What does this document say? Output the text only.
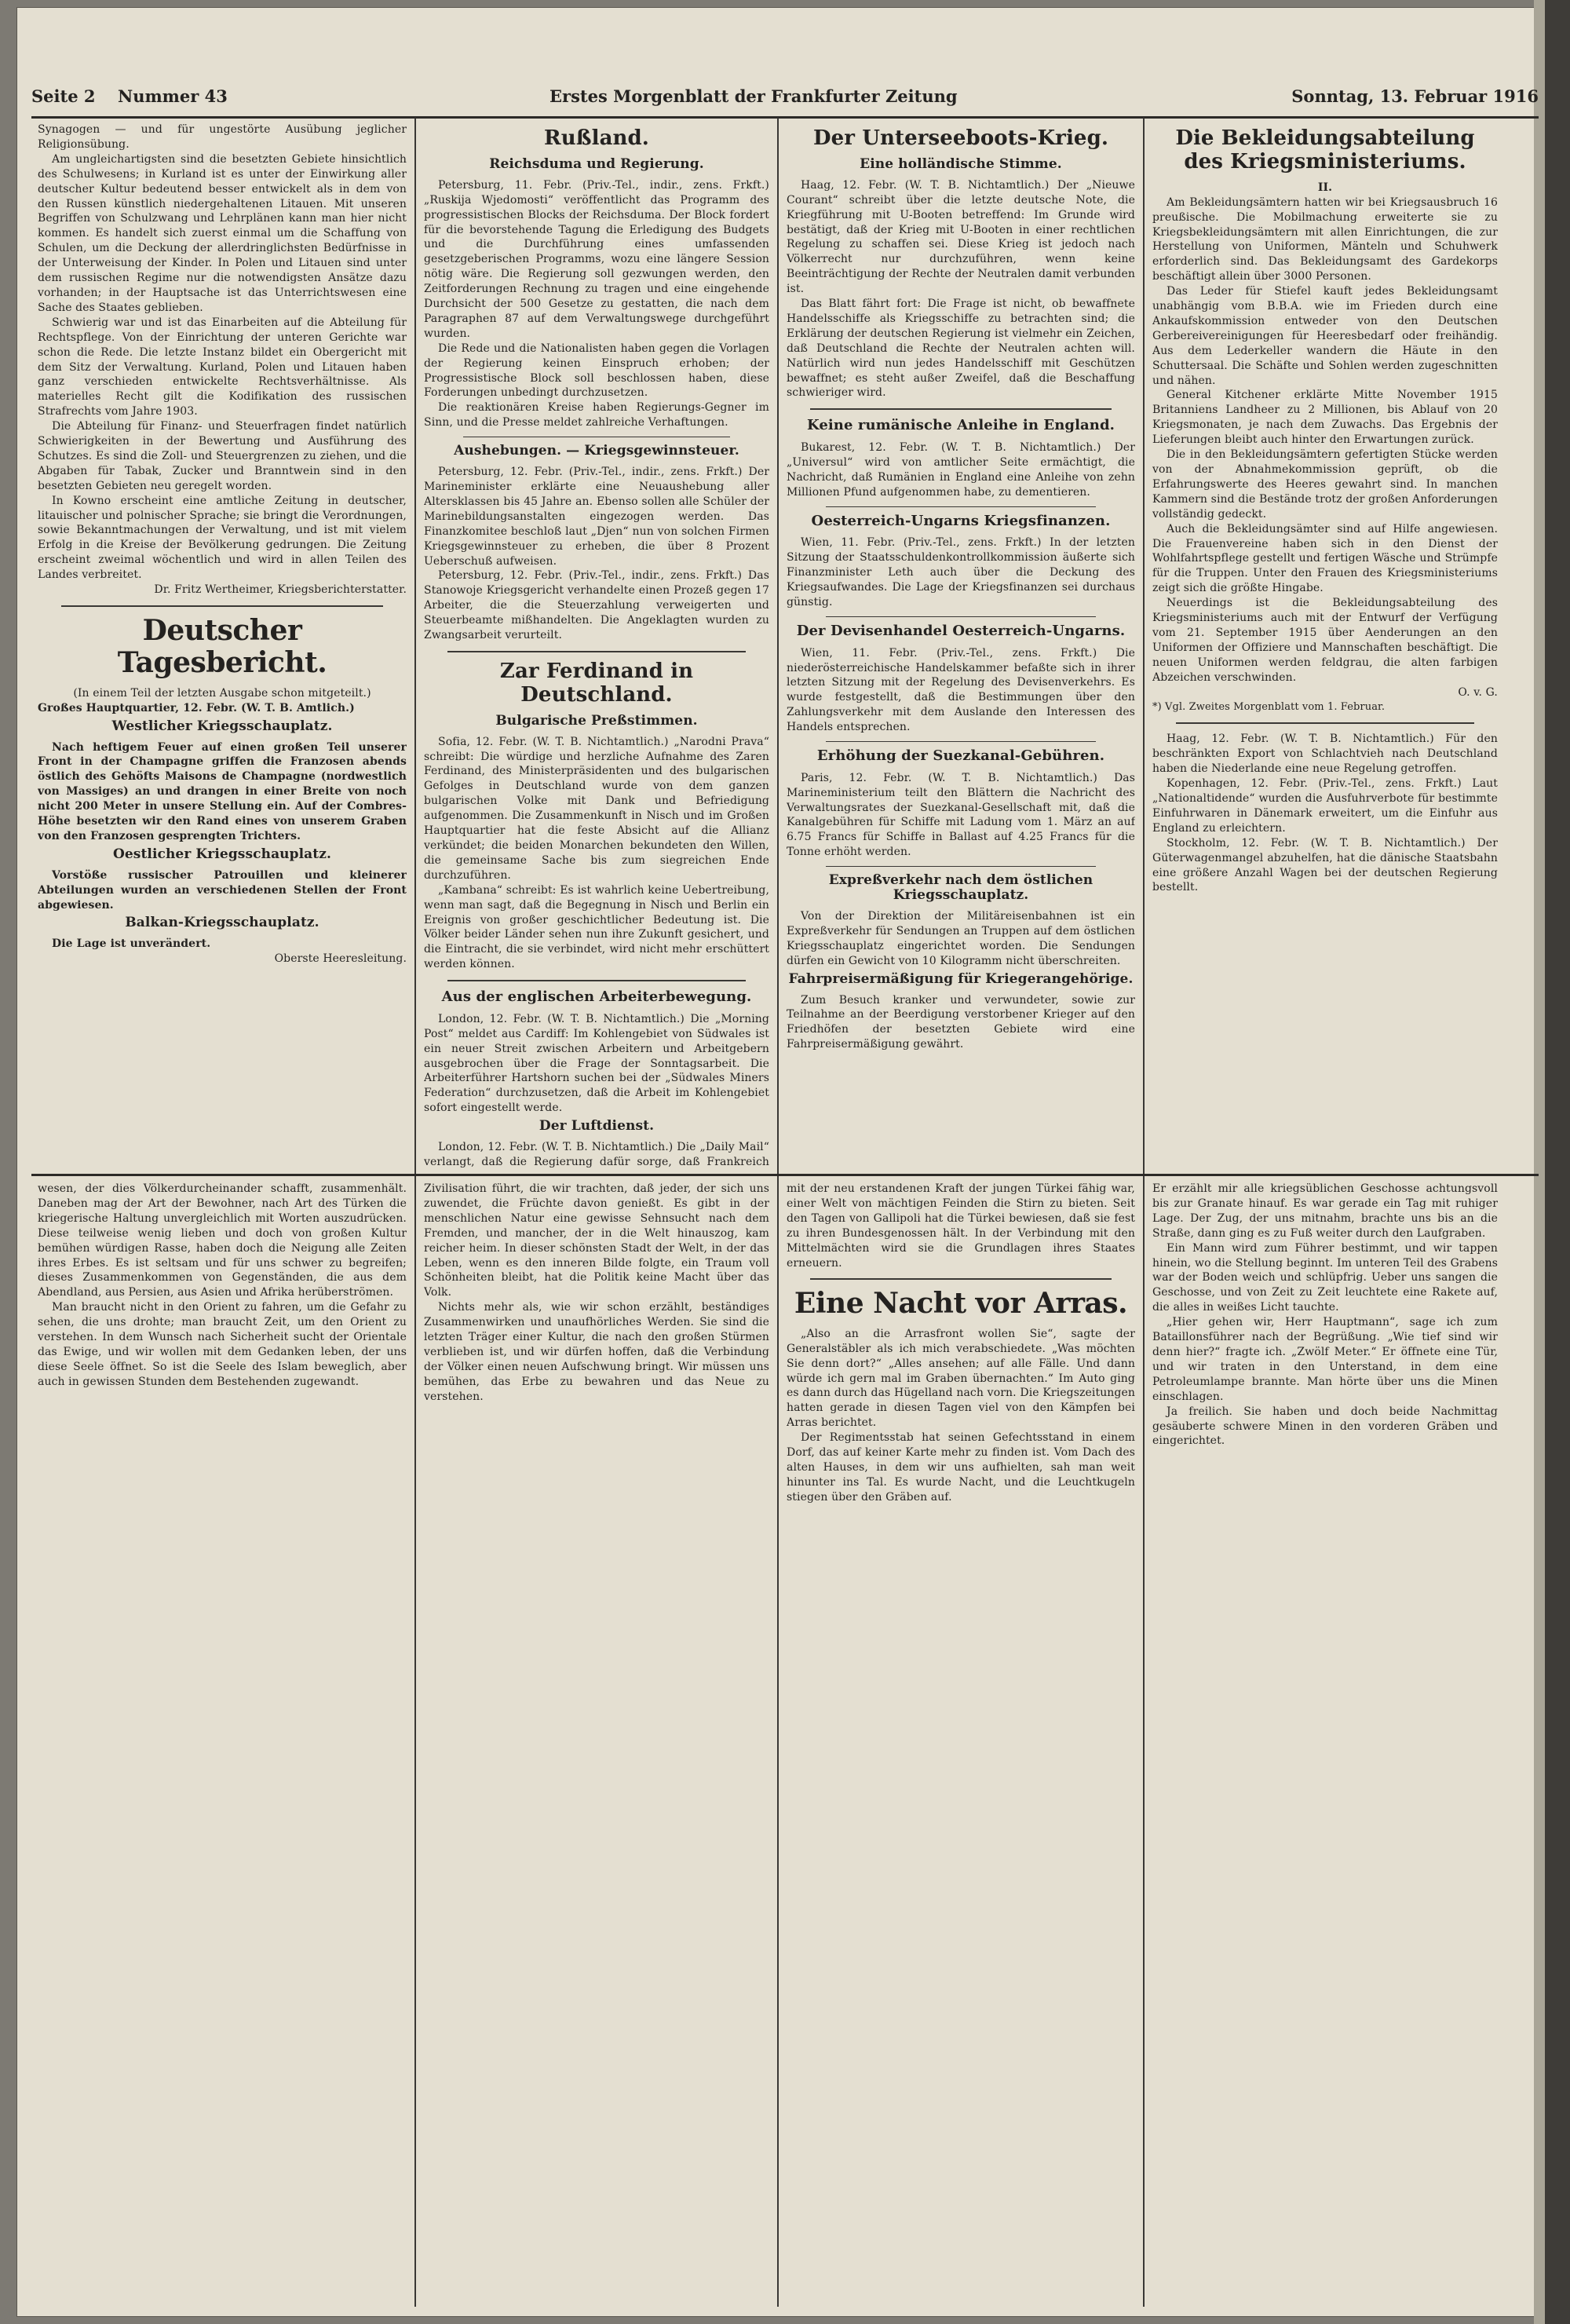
Seite 2 Nummer 43	Erstes Morgenblatt der Frankfurter Zeitung	Sonntag, 13. Februar 1916

Synagogen — und für ungestörte Ausübung jeglicher Religionsübung.

Am ungleichartigsten sind die besetzten Gebiete hinsichtlich des Schulwesens; in Kurland ist es unter der Einwirkung aller deutscher Kultur bedeutend besser entwickelt als in dem von den Russen künstlich niedergehaltenen Litauen. Mit unseren Begriffen von Schulzwang und Lehrplänen kann man hier nicht kommen. Es handelt sich zuerst einmal um die Schaffung von Schulen, um die Deckung der allerdringlichsten Bedürfnisse in der Unterweisung der Kinder. In Polen und Litauen sind unter dem russischen Regime nur die notwendigsten Ansätze dazu vorhanden; in der Hauptsache ist das Unterrichtswesen eine Sache des Staates geblieben.

Schwierig war und ist das Einarbeiten auf die Abteilung für Rechtspflege. Von der Einrichtung der unteren Gerichte war schon die Rede. Die letzte Instanz bildet ein Obergericht mit dem Sitz der Verwaltung. Kurland, Polen und Litauen haben ganz verschieden entwickelte Rechtsverhältnisse. Als materielles Recht gilt die Kodifikation des russischen Strafrechts vom Jahre 1903.

Die Abteilung für Finanz- und Steuerfragen findet natürlich Schwierigkeiten in der Bewertung und Ausführung des Schutzes. Es sind die Zoll- und Steuergrenzen zu ziehen, und die Abgaben für Tabak, Zucker und Branntwein sind in den besetzten Gebieten neu geregelt worden.

In Kowno erscheint eine amtliche Zeitung in deutscher, litauischer und polnischer Sprache; sie bringt die Verordnungen, sowie Bekanntmachungen der Verwaltung, und ist mit vielem Erfolg in die Kreise der Bevölkerung gedrungen. Die Zeitung erscheint zweimal wöchentlich und wird in allen Teilen des Landes verbreitet.

Dr. Fritz Wertheimer, Kriegsberichterstatter.

Deutscher Tagesbericht.

(In einem Teil der letzten Ausgabe schon mitgeteilt.)

Großes Hauptquartier, 12. Febr. (W. T. B. Amtlich.)

Westlicher Kriegsschauplatz.

Nach heftigem Feuer auf einen großen Teil unserer Front in der Champagne griffen die Franzosen abends östlich des Gehöfts Maisons de Champagne (nordwestlich von Massiges) an und drangen in einer Breite von noch nicht 200 Meter in unsere Stellung ein. Auf der Combres-Höhe besetzten wir den Rand eines von unserem Graben von den Franzosen gesprengten Trichters.

Oestlicher Kriegsschauplatz.

Vorstöße russischer Patrouillen und kleinerer Abteilungen wurden an verschiedenen Stellen der Front abgewiesen.

Balkan-Kriegsschauplatz.

Die Lage ist unverändert.

Oberste Heeresleitung.

Rußland.

Reichsduma und Regierung.

Petersburg, 11. Febr. (Priv.-Tel., indir., zens. Frkft.) „Ruskija Wjedomosti“ veröffentlicht das Programm des progressistischen Blocks der Reichsduma. Der Block fordert für die bevorstehende Tagung die Erledigung des Budgets und die Durchführung eines umfassenden gesetzgeberischen Programms, wozu eine längere Session nötig wäre. Die Regierung soll gezwungen werden, den Zeitforderungen Rechnung zu tragen und eine eingehende Durchsicht der 500 Gesetze zu gestatten, die nach dem Paragraphen 87 auf dem Verwaltungswege durchgeführt wurden.

Die Rede und die Nationalisten haben gegen die Vorlagen der Regierung keinen Einspruch erhoben; der Progressistische Block soll beschlossen haben, diese Forderungen unbedingt durchzusetzen.

Die reaktionären Kreise haben Regierungs-Gegner im Sinn, und die Presse meldet zahlreiche Verhaftungen.

Aushebungen. — Kriegsgewinnsteuer.

Petersburg, 12. Febr. (Priv.-Tel., indir., zens. Frkft.) Der Marineminister erklärte eine Neuaushebung aller Altersklassen bis 45 Jahre an. Ebenso sollen alle Schüler der Marinebildungsanstalten eingezogen werden. Das Finanzkomitee beschloß laut „Djen“ nun von solchen Firmen Kriegsgewinnsteuer zu erheben, die über 8 Prozent Ueberschuß aufweisen.

Petersburg, 12. Febr. (Priv.-Tel., indir., zens. Frkft.) Das Stanowoje Kriegsgericht verhandelte einen Prozeß gegen 17 Arbeiter, die die Steuerzahlung verweigerten und Steuerbeamte mißhandelten. Die Angeklagten wurden zu Zwangsarbeit verurteilt.

Zar Ferdinand in Deutschland.

Bulgarische Preßstimmen.

Sofia, 12. Febr. (W. T. B. Nichtamtlich.) „Narodni Prava“ schreibt: Die würdige und herzliche Aufnahme des Zaren Ferdinand, des Ministerpräsidenten und des bulgarischen Gefolges in Deutschland wurde von dem ganzen bulgarischen Volke mit Dank und Befriedigung aufgenommen. Die Zusammenkunft in Nisch und im Großen Hauptquartier hat die feste Absicht auf die Allianz verkündet; die beiden Monarchen bekundeten den Willen, die gemeinsame Sache bis zum siegreichen Ende durchzuführen.

„Kambana“ schreibt: Es ist wahrlich keine Uebertreibung, wenn man sagt, daß die Begegnung in Nisch und Berlin ein Ereignis von großer geschichtlicher Bedeutung ist. Die Völker beider Länder sehen nun ihre Zukunft gesichert, und die Eintracht, die sie verbindet, wird nicht mehr erschüttert werden können.

Aus der englischen Arbeiterbewegung.

London, 12. Febr. (W. T. B. Nichtamtlich.) Die „Morning Post“ meldet aus Cardiff: Im Kohlengebiet von Südwales ist ein neuer Streit zwischen Arbeitern und Arbeitgebern ausgebrochen über die Frage der Sonntagsarbeit. Die Arbeiterführer Hartshorn suchen bei der „Südwales Miners Federation“ durchzusetzen, daß die Arbeit im Kohlengebiet sofort eingestellt werde.

Der Luftdienst.

London, 12. Febr. (W. T. B. Nichtamtlich.) Die „Daily Mail“ verlangt, daß die Regierung dafür sorge, daß Frankreich

Der Unterseeboots-Krieg.

Eine holländische Stimme.

Haag, 12. Febr. (W. T. B. Nichtamtlich.) Der „Nieuwe Courant“ schreibt über die letzte deutsche Note, die Kriegführung mit U-Booten betreffend: Im Grunde wird bestätigt, daß der Krieg mit U-Booten in einer rechtlichen Regelung zu schaffen sei. Diese Krieg ist jedoch nach Völkerrecht nur durchzuführen, wenn keine Beeinträchtigung der Rechte der Neutralen damit verbunden ist.

Das Blatt fährt fort: Die Frage ist nicht, ob bewaffnete Handelsschiffe als Kriegsschiffe zu betrachten sind; die Erklärung der deutschen Regierung ist vielmehr ein Zeichen, daß Deutschland die Rechte der Neutralen achten will. Natürlich wird nun jedes Handelsschiff mit Geschützen bewaffnet; es steht außer Zweifel, daß die Beschaffung schwieriger wird.

Keine rumänische Anleihe in England.

Bukarest, 12. Febr. (W. T. B. Nichtamtlich.) Der „Universul“ wird von amtlicher Seite ermächtigt, die Nachricht, daß Rumänien in England eine Anleihe von zehn Millionen Pfund aufgenommen habe, zu dementieren.

Oesterreich-Ungarns Kriegsfinanzen.

Wien, 11. Febr. (Priv.-Tel., zens. Frkft.) In der letzten Sitzung der Staatsschuldenkontrollkommission äußerte sich Finanzminister Leth auch über die Deckung des Kriegsaufwandes. Die Lage der Kriegsfinanzen sei durchaus günstig.

Der Devisenhandel Oesterreich-Ungarns.

Wien, 11. Febr. (Priv.-Tel., zens. Frkft.) Die niederösterreichische Handelskammer befaßte sich in ihrer letzten Sitzung mit der Regelung des Devisenverkehrs. Es wurde festgestellt, daß die Bestimmungen über den Zahlungsverkehr mit dem Auslande den Interessen des Handels entsprechen.

Erhöhung der Suezkanal-Gebühren.

Paris, 12. Febr. (W. T. B. Nichtamtlich.) Das Marineministerium teilt den Blättern die Nachricht des Verwaltungsrates der Suezkanal-Gesellschaft mit, daß die Kanalgebühren für Schiffe mit Ladung vom 1. März an auf 6.75 Francs für Schiffe in Ballast auf 4.25 Francs für die Tonne erhöht werden.

Expreßverkehr nach dem östlichen Kriegsschauplatz.

Von der Direktion der Militäreisenbahnen ist ein Expreßverkehr für Sendungen an Truppen auf dem östlichen Kriegsschauplatz eingerichtet worden. Die Sendungen dürfen ein Gewicht von 10 Kilogramm nicht überschreiten.

Fahrpreisermäßigung für Kriegerangehörige.

Zum Besuch kranker und verwundeter, sowie zur Teilnahme an der Beerdigung verstorbener Krieger auf den Friedhöfen der besetzten Gebiete wird eine Fahrpreisermäßigung gewährt.

Die Bekleidungsabteilung des Kriegsministeriums.

II.

Am Bekleidungsämtern hatten wir bei Kriegsausbruch 16 preußische. Die Mobilmachung erweiterte sie zu Kriegsbekleidungsämtern mit allen Einrichtungen, die zur Herstellung von Uniformen, Mänteln und Schuhwerk erforderlich sind. Das Bekleidungsamt des Gardekorps beschäftigt allein über 3000 Personen.

Das Leder für Stiefel kauft jedes Bekleidungsamt unabhängig vom B.B.A. wie im Frieden durch eine Ankaufskommission entweder von den Deutschen Gerbereivereinigungen für Heeresbedarf oder freihändig. Aus dem Lederkeller wandern die Häute in den Schuttersaal. Die Schäfte und Sohlen werden zugeschnitten und nähen.

General Kitchener erklärte Mitte November 1915 Britanniens Landheer zu 2 Millionen, bis Ablauf von 20 Kriegsmonaten, je nach dem Zuwachs. Das Ergebnis der Lieferungen bleibt auch hinter den Erwartungen zurück.

Die in den Bekleidungsämtern gefertigten Stücke werden von der Abnahmekommission geprüft, ob die Erfahrungswerte des Heeres gewahrt sind. In manchen Kammern sind die Bestände trotz der großen Anforderungen vollständig gedeckt.

Auch die Bekleidungsämter sind auf Hilfe angewiesen. Die Frauenvereine haben sich in den Dienst der Wohlfahrtspflege gestellt und fertigen Wäsche und Strümpfe für die Truppen. Unter den Frauen des Kriegsministeriums zeigt sich die größte Hingabe.

Neuerdings ist die Bekleidungsabteilung des Kriegsministeriums auch mit der Entwurf der Verfügung vom 21. September 1915 über Aenderungen an den Uniformen der Offiziere und Mannschaften beschäftigt. Die neuen Uniformen werden feldgrau, die alten farbigen Abzeichen verschwinden.

O. v. G.

*) Vgl. Zweites Morgenblatt vom 1. Februar.

Haag, 12. Febr. (W. T. B. Nichtamtlich.) Für den beschränkten Export von Schlachtvieh nach Deutschland haben die Niederlande eine neue Regelung getroffen.

Kopenhagen, 12. Febr. (Priv.-Tel., zens. Frkft.) Laut „Nationaltidende“ wurden die Ausfuhrverbote für bestimmte Einfuhrwaren in Dänemark erweitert, um die Einfuhr aus England zu erleichtern.

Stockholm, 12. Febr. (W. T. B. Nichtamtlich.) Der Güterwagenmangel abzuhelfen, hat die dänische Staatsbahn eine größere Anzahl Wagen bei der deutschen Regierung bestellt.

wesen, der dies Völkerdurcheinander schafft, zusammenhält. Daneben mag der Art der Bewohner, nach Art des Türken die kriegerische Haltung unvergleichlich mit Worten auszudrücken. Diese teilweise wenig lieben und doch von großen Kultur bemühen würdigen Rasse, haben doch die Neigung alle Zeiten ihres Erbes. Es ist seltsam und für uns schwer zu begreifen; dieses Zusammenkommen von Gegenständen, die aus dem Abendland, aus Persien, aus Asien und Afrika herüberströmen.

Man braucht nicht in den Orient zu fahren, um die Gefahr zu sehen, die uns drohte; man braucht Zeit, um den Orient zu verstehen. In dem Wunsch nach Sicherheit sucht der Orientale das Ewige, und wir wollen mit dem Gedanken leben, der uns diese Seele öffnet. So ist die Seele des Islam beweglich, aber auch in gewissen Stunden dem Bestehenden zugewandt.

Zivilisation führt, die wir trachten, daß jeder, der sich uns zuwendet, die Früchte davon genießt. Es gibt in der menschlichen Natur eine gewisse Sehnsucht nach dem Fremden, und mancher, der in die Welt hinauszog, kam reicher heim. In dieser schönsten Stadt der Welt, in der das Leben, wenn es den inneren Bilde folgte, ein Traum voll Schönheiten bleibt, hat die Politik keine Macht über das Volk.

Nichts mehr als, wie wir schon erzählt, beständiges Zusammenwirken und unaufhörliches Werden. Sie sind die letzten Träger einer Kultur, die nach den großen Stürmen verblieben ist, und wir dürfen hoffen, daß die Verbindung der Völker einen neuen Aufschwung bringt. Wir müssen uns bemühen, das Erbe zu bewahren und das Neue zu verstehen.

mit der neu erstandenen Kraft der jungen Türkei fähig war, einer Welt von mächtigen Feinden die Stirn zu bieten. Seit den Tagen von Gallipoli hat die Türkei bewiesen, daß sie fest zu ihren Bundesgenossen hält. In der Verbindung mit den Mittelmächten wird sie die Grundlagen ihres Staates erneuern.

Eine Nacht vor Arras.

„Also an die Arrasfront wollen Sie“, sagte der Generalstäbler als ich mich verabschiedete. „Was möchten Sie denn dort?“ „Alles ansehen; auf alle Fälle. Und dann würde ich gern mal im Graben übernachten.“ Im Auto ging es dann durch das Hügelland nach vorn. Die Kriegszeitungen hatten gerade in diesen Tagen viel von den Kämpfen bei Arras berichtet.

Der Regimentsstab hat seinen Gefechtsstand in einem Dorf, das auf keiner Karte mehr zu finden ist. Vom Dach des alten Hauses, in dem wir uns aufhielten, sah man weit hinunter ins Tal. Es wurde Nacht, und die Leuchtkugeln stiegen über den Gräben auf.

Er erzählt mir alle kriegsüblichen Geschosse achtungsvoll bis zur Granate hinauf. Es war gerade ein Tag mit ruhiger Lage. Der Zug, der uns mitnahm, brachte uns bis an die Straße, dann ging es zu Fuß weiter durch den Laufgraben.

Ein Mann wird zum Führer bestimmt, und wir tappen hinein, wo die Stellung beginnt. Im unteren Teil des Grabens war der Boden weich und schlüpfrig. Ueber uns sangen die Geschosse, und von Zeit zu Zeit leuchtete eine Rakete auf, die alles in weißes Licht tauchte.

„Hier gehen wir, Herr Hauptmann“, sage ich zum Bataillonsführer nach der Begrüßung. „Wie tief sind wir denn hier?“ fragte ich. „Zwölf Meter.“ Er öffnete eine Tür, und wir traten in den Unterstand, in dem eine Petroleumlampe brannte. Man hörte über uns die Minen einschlagen.

Ja freilich. Sie haben und doch beide Nachmittag gesäuberte schwere Minen in den vorderen Gräben und eingerichtet.
